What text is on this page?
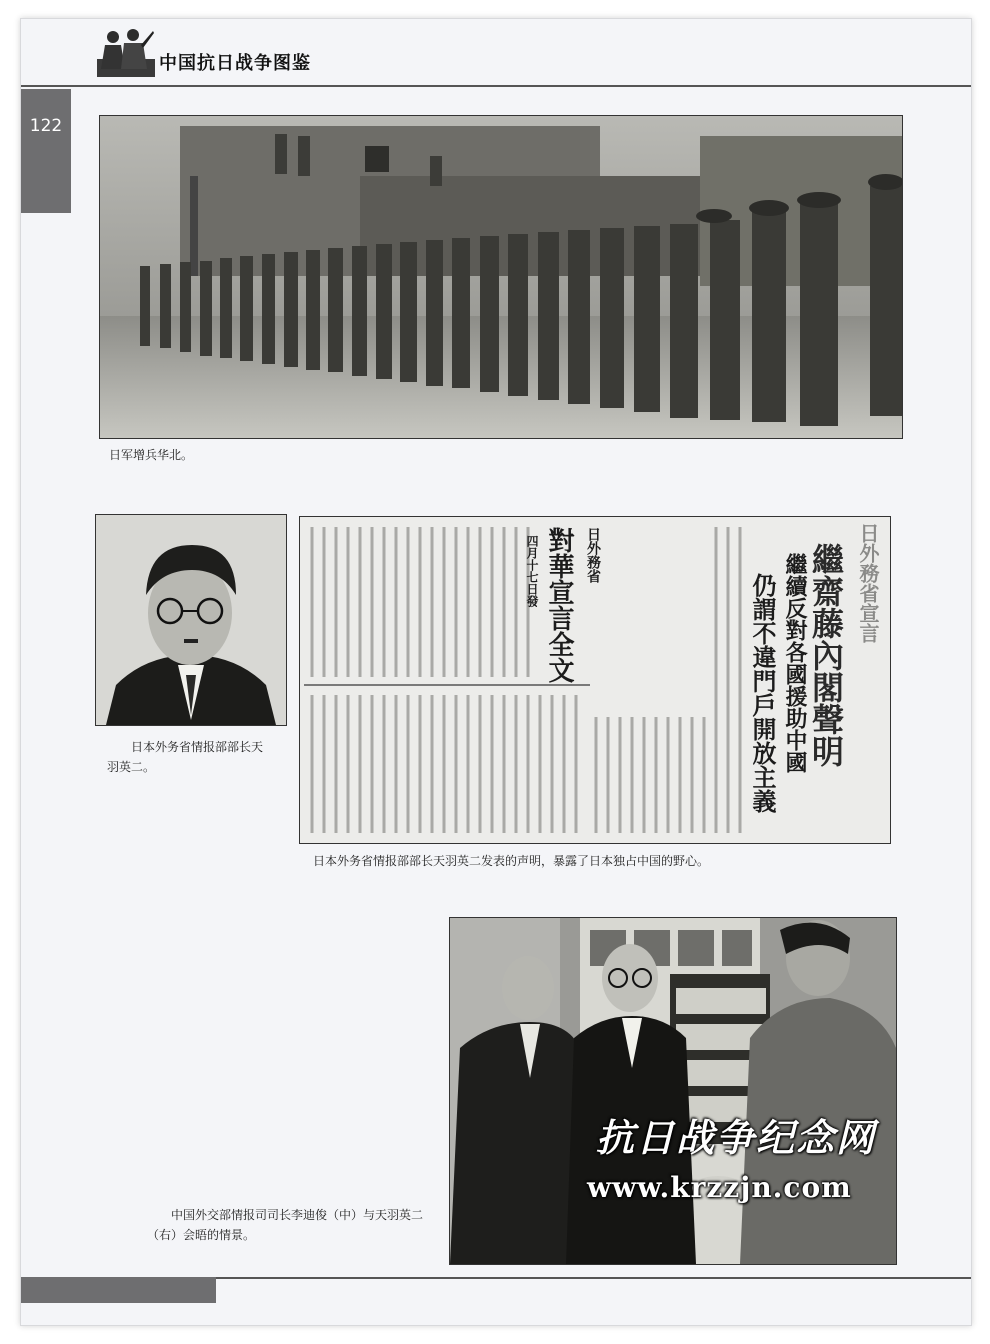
中国抗日战争图鉴
122
日军增兵华北。
日本外务省情报部部长天羽英二。
日外務省
對華宣言全文
四月十七日發	繼續反對各國援助中國
仍謂不違門戶開放主義 繼齋藤內閣聲明 日外務省宣言
日本外务省情报部部长天羽英二发表的声明，暴露了日本独占中国的野心。
中国外交部情报司司长李迪俊（中）与天羽英二（右）会晤的情景。
抗日战争纪念网
www.krzzjn.com
